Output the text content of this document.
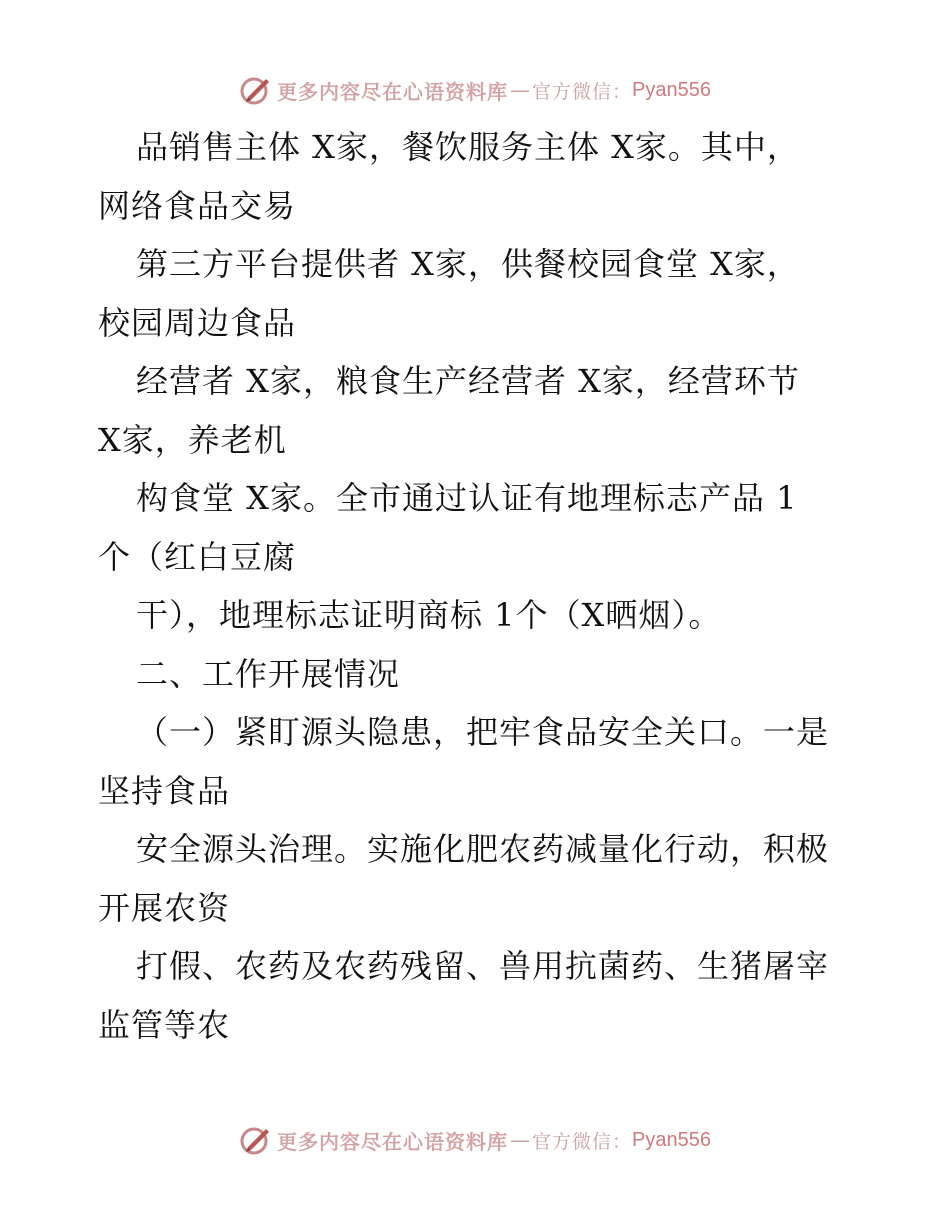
更多内容尽在心语资料库 — 官方微信： Pyan556
品销售主体 X家，餐饮服务主体 X家。其中，
网络食品交易
第三方平台提供者 X家，供餐校园食堂 X家，
校园周边食品
经营者 X家，粮食生产经营者 X家，经营环节
X家，养老机
构食堂 X家。全市通过认证有地理标志产品 1
个（红白豆腐
干），地理标志证明商标 1个（X晒烟）。
二、工作开展情况
（一）紧盯源头隐患，把牢食品安全关口。一是
坚持食品
安全源头治理。实施化肥农药减量化行动，积极
开展农资
打假、农药及农药残留、兽用抗菌药、生猪屠宰
监管等农
更多内容尽在心语资料库 — 官方微信： Pyan556
